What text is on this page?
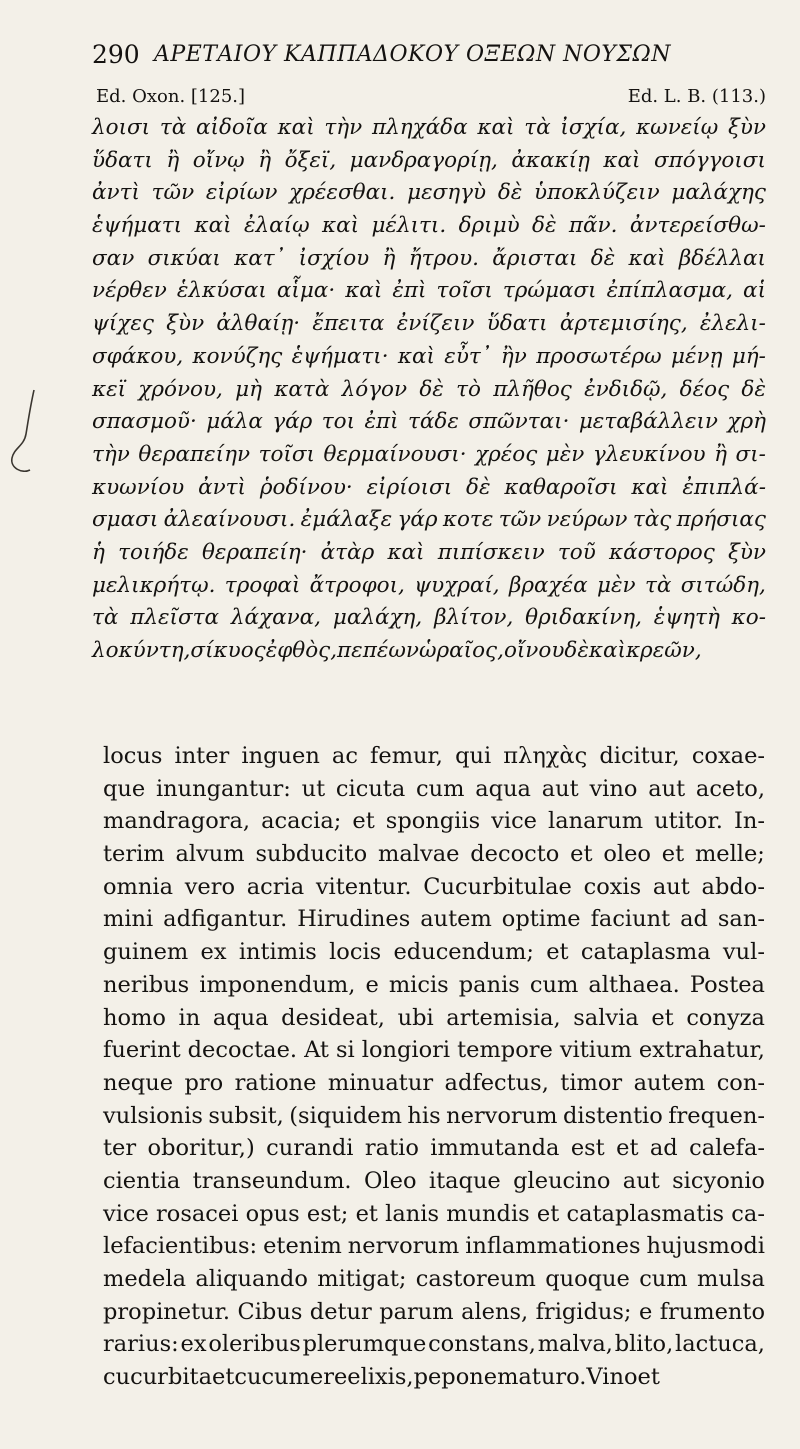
290 ΑΡΕΤΑΙΟΥ ΚΑΠΠΑΔΟΚΟΥ ΟΞΕΩΝ ΝΟΥΣΩΝ
Ed. Oxon. [125.]	Ed. L. B. (113.)
λοισι τὰ αἰδοῖα καὶ τὴν πληχάδα καὶ τὰ ἰσχία, κωνείῳ ξὺν
ὕδατι ἢ οἴνῳ ἢ ὄξεϊ, μανδραγορίῃ, ἀκακίῃ καὶ σπόγγοισι
ἀντὶ τῶν εἰρίων χρέεσθαι. μεσηγὺ δὲ ὑποκλύζειν μαλάχης
ἑψήματι καὶ ἐλαίῳ καὶ μέλιτι. δριμὺ δὲ πᾶν. ἀντερείσθω-
σαν σικύαι κατ᾽ ἰσχίου ἢ ἤτρου. ἄρισται δὲ καὶ βδέλλαι
νέρθεν ἑλκύσαι αἷμα· καὶ ἐπὶ τοῖσι τρώμασι ἐπίπλασμα, αἱ
ψίχες ξὺν ἀλθαίῃ· ἔπειτα ἐνίζειν ὕδατι ἀρτεμισίης, ἐλελι-
σφάκου, κονύζης ἑψήματι· καὶ εὖτ᾽ ἢν προσωτέρω μένῃ μή-
κεϊ χρόνου, μὴ κατὰ λόγον δὲ τὸ πλῆθος ἐνδιδῷ, δέος δὲ
σπασμοῦ· μάλα γάρ τοι ἐπὶ τάδε σπῶνται· μεταβάλλειν χρὴ
τὴν θεραπείην τοῖσι θερμαίνουσι· χρέος μὲν γλευκίνου ἢ σι-
κυωνίου ἀντὶ ῥοδίνου· εἰρίοισι δὲ καθαροῖσι καὶ ἐπιπλά-
σμασι ἀλεαίνουσι. ἐμάλαξε γάρ κοτε τῶν νεύρων τὰς πρήσιας
ἡ τοιήδε θεραπείη· ἀτὰρ καὶ πιπίσκειν τοῦ κάστορος ξὺν
μελικρήτῳ. τροφαὶ ἄτροφοι, ψυχραί, βραχέα μὲν τὰ σιτώδη,
τὰ πλεῖστα λάχανα, μαλάχη, βλίτον, θριδακίνη, ἑψητὴ κο-
λοκύντη, σίκυος ἐφθὸς, πεπέων ὡραῖος, οἴνου δὲ καὶ κρεῶν,
locus inter inguen ac femur, qui πληχὰς dicitur, coxae-
que inungantur: ut cicuta cum aqua aut vino aut aceto,
mandragora, acacia; et spongiis vice lanarum utitor. In-
terim alvum subducito malvae decocto et oleo et melle;
omnia vero acria vitentur. Cucurbitulae coxis aut abdo-
mini adfigantur. Hirudines autem optime faciunt ad san-
guinem ex intimis locis educendum; et cataplasma vul-
neribus imponendum, e micis panis cum althaea. Postea
homo in aqua desideat, ubi artemisia, salvia et conyza
fuerint decoctae. At si longiori tempore vitium extrahatur,
neque pro ratione minuatur adfectus, timor autem con-
vulsionis subsit, (siquidem his nervorum distentio frequen-
ter oboritur,) curandi ratio immutanda est et ad calefa-
cientia transeundum. Oleo itaque gleucino aut sicyonio
vice rosacei opus est; et lanis mundis et cataplasmatis ca-
lefacientibus: etenim nervorum inflammationes hujusmodi
medela aliquando mitigat; castoreum quoque cum mulsa
propinetur. Cibus detur parum alens, frigidus; e frumento
rarius: ex oleribus plerumque constans, malva, blito, lactuca,
cucurbita et cucumere elixis, pepone maturo. Vino et
